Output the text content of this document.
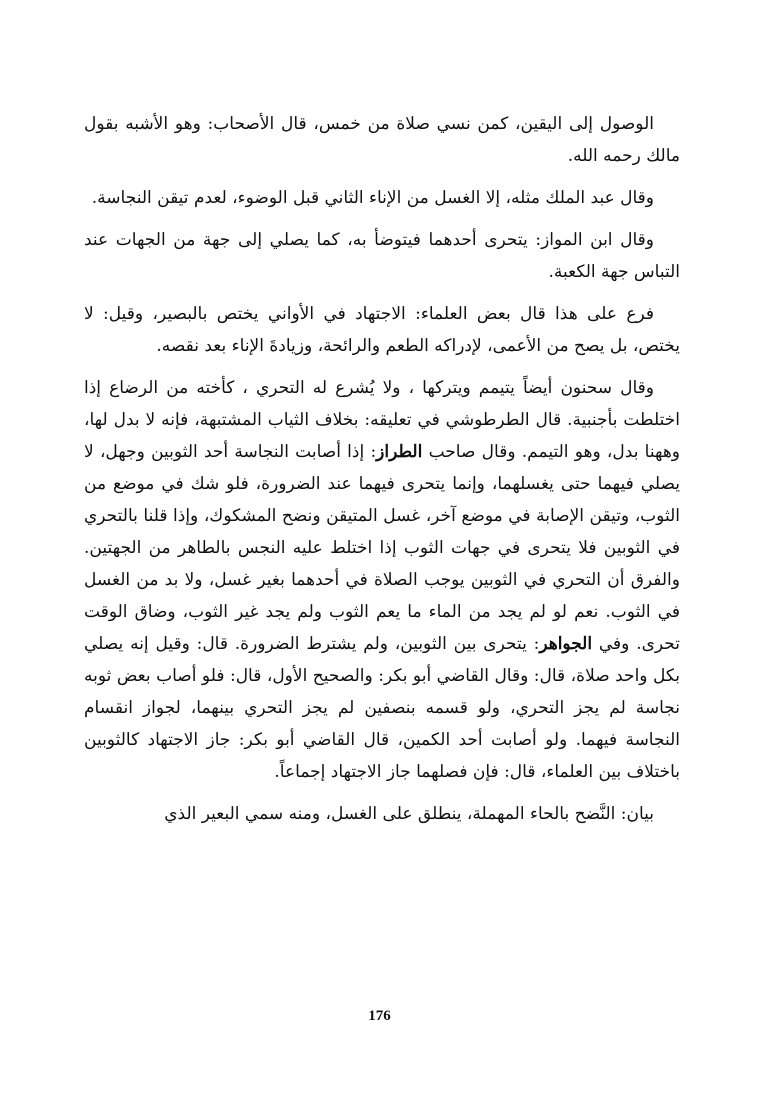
الوصول إلى اليقين، كمن نسي صلاة من خمس، قال الأصحاب: وهو الأشبه بقول مالك رحمه الله.

وقال عبد الملك مثله، إلا الغسل من الإناء الثاني قبل الوضوء، لعدم تيقن النجاسة.

وقال ابن المواز: يتحرى أحدهما فيتوضأ به، كما يصلي إلى جهة من الجهات عند التباس جهة الكعبة.

فرع على هذا قال بعض العلماء: الاجتهاد في الأواني يختص بالبصير، وقيل: لا يختص، بل يصح من الأعمى، لإدراكه الطعم والرائحة، وزيادةَ الإناء بعد نقصه.

وقال سحنون أيضاً يتيمم ويتركها ، ولا يُشرع له التحري ، كأخته من الرضاع إذا اختلطت بأجنبية. قال الطرطوشي في تعليقه: بخلاف الثياب المشتبهة، فإنه لا بدل لها، وههنا بدل، وهو التيمم. وقال صاحب الطراز: إذا أصابت النجاسة أحد الثوبين وجهل، لا يصلي فيهما حتى يغسلهما، وإنما يتحرى فيهما عند الضرورة، فلو شك في موضع من الثوب، وتيقن الإصابة في موضع آخر، غسل المتيقن ونضح المشكوك، وإذا قلنا بالتحري في الثوبين فلا يتحرى في جهات الثوب إذا اختلط عليه النجس بالطاهر من الجهتين. والفرق أن التحري في الثوبين يوجب الصلاة في أحدهما بغير غسل، ولا بد من الغسل في الثوب. نعم لو لم يجد من الماء ما يعم الثوب ولم يجد غير الثوب، وضاق الوقت تحرى. وفي الجواهر: يتحرى بين الثوبين، ولم يشترط الضرورة. قال: وقيل إنه يصلي بكل واحد صلاة، قال: وقال القاضي أبو بكر: والصحيح الأول، قال: فلو أصاب بعض ثوبه نجاسة لم يجز التحري، ولو قسمه بنصفين لم يجز التحري بينهما، لجواز انقسام النجاسة فيهما. ولو أصابت أحد الكمين، قال القاضي أبو بكر: جاز الاجتهاد كالثوبين باختلاف بين العلماء، قال: فإن فصلهما جاز الاجتهاد إجماعاً.

بيان: النَّضح بالحاء المهملة، ينطلق على الغسل، ومنه سمي البعير الذي

176
